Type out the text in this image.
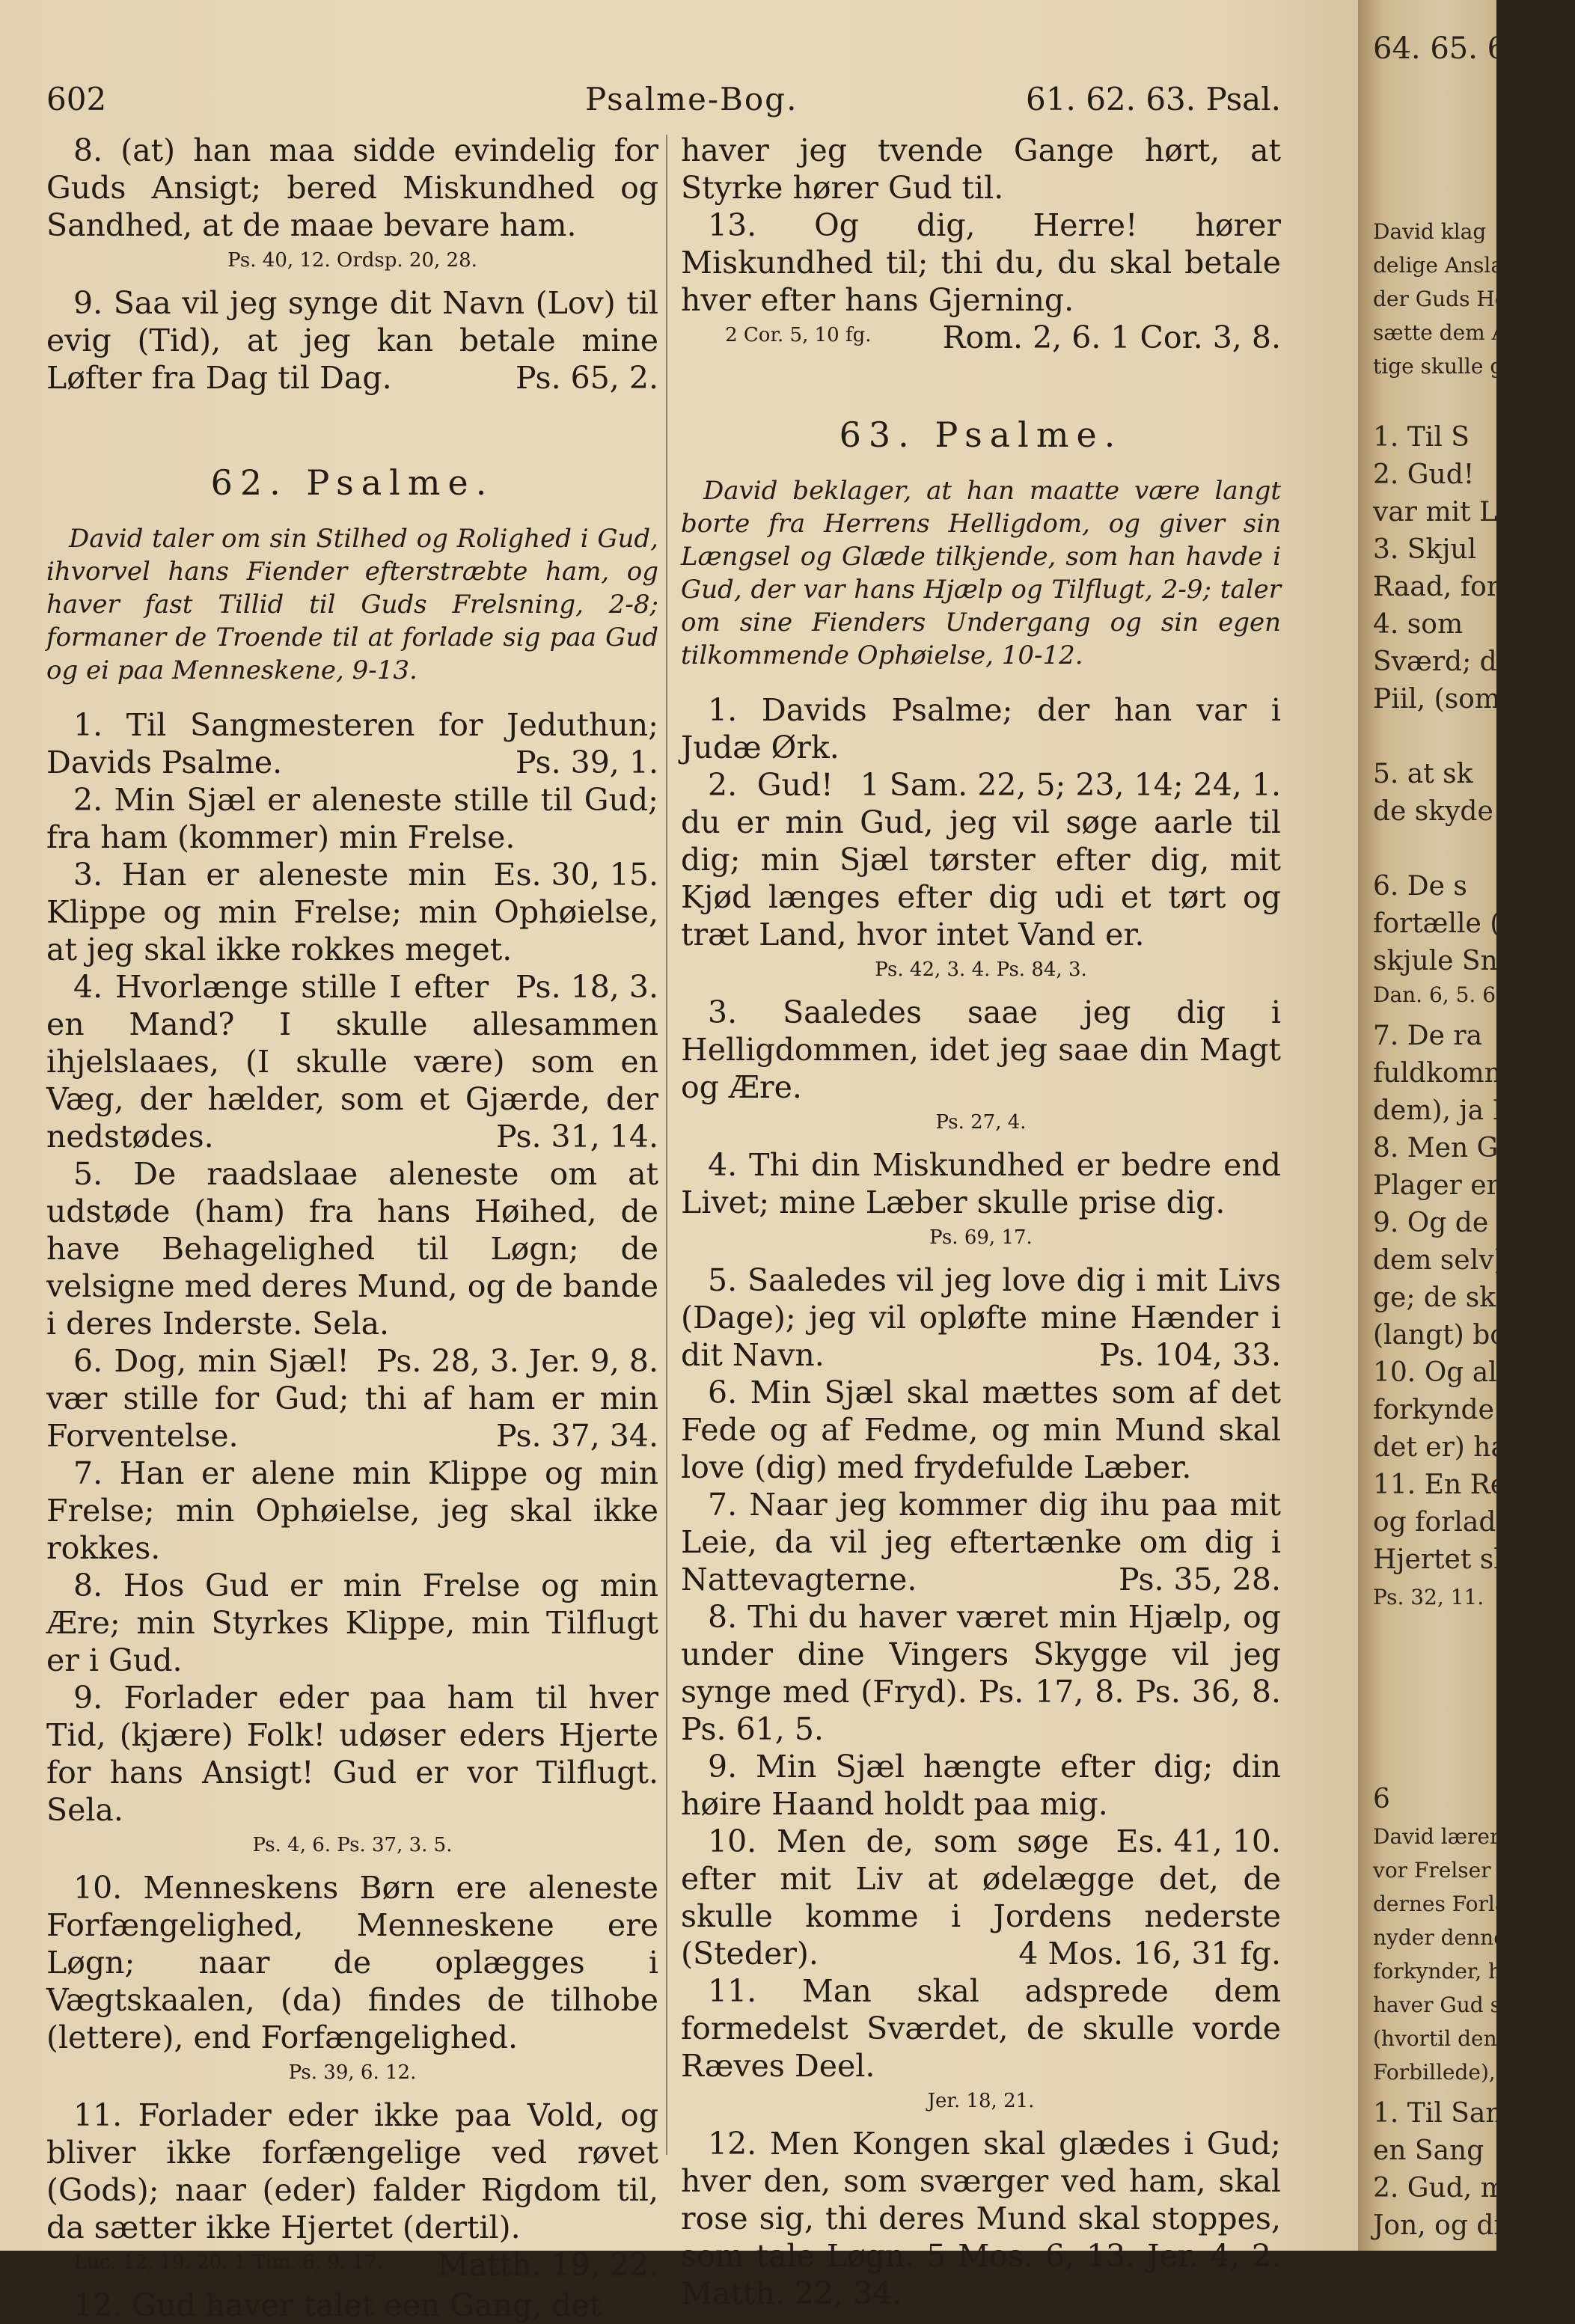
602	Psalme-Bog.	61. 62. 63. Psal.

8. (at) han maa sidde evindelig for Guds Ansigt; bered Miskundhed og Sandhed, at de maae bevare ham.

Ps. 40, 12. Ordsp. 20, 28.

9. Saa vil jeg synge dit Navn (Lov) til evig (Tid), at jeg kan betale mine Løfter fra Dag til Dag.	Ps. 65, 2.

62. Psalme.

David taler om sin Stilhed og Rolighed i Gud, ihvorvel hans Fiender efterstræbte ham, og haver fast Tillid til Guds Frelsning, 2-8; formaner de Troende til at forlade sig paa Gud og ei paa Menneskene, 9-13.

1. Til Sangmesteren for Jeduthun; Davids Psalme.	Ps. 39, 1.

2. Min Sjæl er aleneste stille til Gud; fra ham (kommer) min Frelse.
Es. 30, 15.

3. Han er aleneste min Klippe og min Frelse; min Ophøielse, at jeg skal ikke rokkes meget.
Ps. 18, 3.

4. Hvorlænge stille I efter en Mand? I skulle allesammen ihjelslaaes, (I skulle være) som en Væg, der hælder, som et Gjærde, der nedstødes.	Ps. 31, 14.

5. De raadslaae aleneste om at udstøde (ham) fra hans Høihed, de have Behagelighed til Løgn; de velsigne med deres Mund, og de bande i deres Inderste. Sela.
Ps. 28, 3. Jer. 9, 8.

6. Dog, min Sjæl! vær stille for Gud; thi af ham er min Forventelse.	Ps. 37, 34.

7. Han er alene min Klippe og min Frelse; min Ophøielse, jeg skal ikke rokkes.

8. Hos Gud er min Frelse og min Ære; min Styrkes Klippe, min Tilflugt er i Gud.

9. Forlader eder paa ham til hver Tid, (kjære) Folk! udøser eders Hjerte for hans Ansigt! Gud er vor Tilflugt. Sela.

Ps. 4, 6. Ps. 37, 3. 5.

10. Menneskens Børn ere aleneste Forfængelighed, Menneskene ere Løgn; naar de oplægges i Vægtskaalen, (da) findes de tilhobe (lettere), end Forfængelighed.

Ps. 39, 6. 12.

11. Forlader eder ikke paa Vold, og bliver ikke forfængelige ved røvet (Gods); naar (eder) falder Rigdom til, da sætter ikke Hjertet (dertil).
Matth. 19, 22.

Luc. 12, 19. 20. 1 Tim. 6, 9. 17.

12. Gud haver talet een Gang, det

haver jeg tvende Gange hørt, at Styrke hører Gud til.

13. Og dig, Herre! hører Miskundhed til; thi du, du skal betale hver efter hans Gjerning.
Rom. 2, 6. 1 Cor. 3, 8.

2 Cor. 5, 10 fg.
63. Psalme.

David beklager, at han maatte være langt borte fra Herrens Helligdom, og giver sin Længsel og Glæde tilkjende, som han havde i Gud, der var hans Hjælp og Tilflugt, 2-9; taler om sine Fienders Undergang og sin egen tilkommende Ophøielse, 10-12.

1. Davids Psalme; der han var i Judæ Ørk.
1 Sam. 22, 5; 23, 14; 24, 1.

2. Gud! du er min Gud, jeg vil søge aarle til dig; min Sjæl tørster efter dig, mit Kjød længes efter dig udi et tørt og træt Land, hvor intet Vand er.

Ps. 42, 3. 4. Ps. 84, 3.

3. Saaledes saae jeg dig i Helligdommen, idet jeg saae din Magt og Ære.

Ps. 27, 4.

4. Thi din Miskundhed er bedre end Livet; mine Læber skulle prise dig.

Ps. 69, 17.

5. Saaledes vil jeg love dig i mit Livs (Dage); jeg vil opløfte mine Hænder i dit Navn.	Ps. 104, 33.

6. Min Sjæl skal mættes som af det Fede og af Fedme, og min Mund skal love (dig) med frydefulde Læber.

7. Naar jeg kommer dig ihu paa mit Leie, da vil jeg eftertænke om dig i Nattevagterne.	Ps. 35, 28.

8. Thi du haver været min Hjælp, og under dine Vingers Skygge vil jeg synge med (Fryd). Ps. 17, 8. Ps. 36, 8. Ps. 61, 5.

9. Min Sjæl hængte efter dig; din høire Haand holdt paa mig.
Es. 41, 10.

10. Men de, som søge efter mit Liv at ødelægge det, de skulle komme i Jordens nederste (Steder).	4 Mos. 16, 31 fg.

11. Man skal adsprede dem formedelst Sværdet, de skulle vorde Ræves Deel.

Jer. 18, 21.

12. Men Kongen skal glædes i Gud; hver den, som sværger ved ham, skal rose sig, thi deres Mund skal stoppes, som tale Løgn. 5 Mos. 6, 13. Jer. 4, 2. Matth. 22, 34.

64. 65. 66. P
David klag
delige Anslag
der Guds Her
sætte dem An
tige skulle glæ
1. Til S
2. Gud!
var mit Liv
3. Skjul
Raad, for de
4. som
Sværd; de
Piil, (som
5. at sk
de skyde ha
6. De s
fortælle (hv
skjule Snare
Dan. 6, 5. 6
7. De ra
fuldkomme de
dem), ja Enhv
8. Men G
Plager ere en
9. Og de
dem selv) skal
ge; de skulle,
(langt) bort.
10. Og alle
forkynde Gude
det er) hans G
11. En Ret
og forlade sig
Hjertet skulle
Ps. 32, 11.
6
David lærer,
vor Frelser alene,
dernes Forladelse
nyder denne store
forkynder, hvilken
haver Gud skal gi
(hvortil den lege
Forbillede), 10
1. Til Sang
en Sang
2. Gud, ma
Jon, og dig ska
